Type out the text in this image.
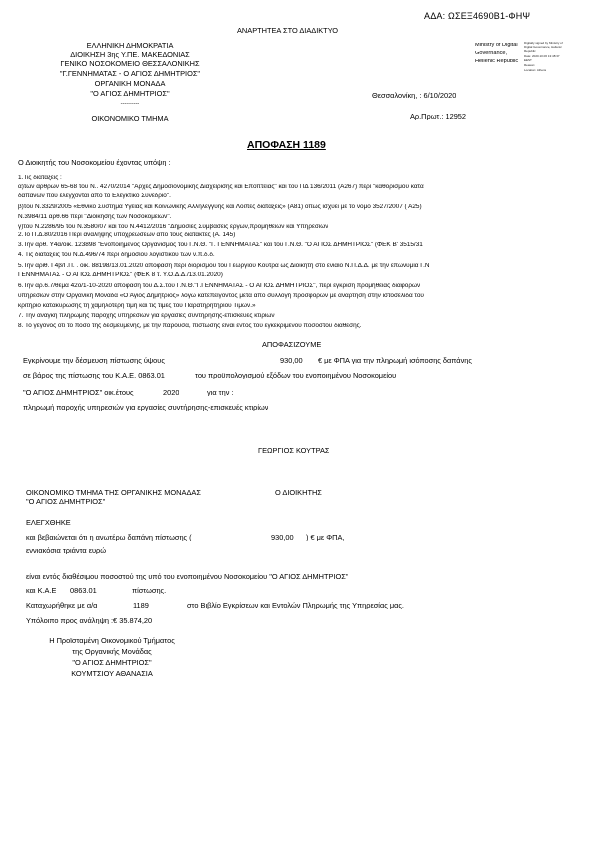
ΑΔΑ: ΩΣΕΞ4690Β1-ΦΗΨ
ΑΝΑΡΤΗΤΕΑ ΣΤΟ ΔΙΑΔΙΚΤΥΟ
ΕΛΛΗΝΙΚΗ ΔΗΜΟΚΡΑΤΙΑ
ΔΙΟΙΚΗΣΗ 3ης Υ.ΠΕ. ΜΑΚΕΔΟΝΙΑΣ
ΓΕΝΙΚΟ ΝΟΣΟΚΟΜΕΙΟ ΘΕΣΣΑΛΟΝΙΚΗΣ
"Γ.ΓΕΝΝΗΜΑΤΑΣ - Ο ΑΓΙΟΣ ΔΗΜΗΤΡΙΟΣ"
ΟΡΓΑΝΙΚΗ ΜΟΝΑΔΑ
"Ο ΑΓΙΟΣ ΔΗΜΗΤΡΙΟΣ"
----------
ΟΙΚΟΝΟΜΙΚΟ ΤΜΗΜΑ
Ministry of Digital
Governance,
Hellenic Republic
Digitally signed by Ministry of
Digital Governance, Hellenic
Republic
Date: 2020.10.06 13:48:37
EEST
Reason:
Location: Athens
Θεσσαλονίκη, : 6/10/2020
Αρ.Πρωτ.: 12952
ΑΠΟΦΑΣΗ 1189
Ο Διοικητής του Νοσοκομείου έχοντας υπόψη :
1.Τις διατάξεις :
α)των άρθρων 65-68 του Ν.. 4270/2014 "Αρχές Δημοσιονομικής Διαχείρισης και Εποπτείας" και του ΠΔ 136/2011 (Α267) περί "καθορισμού κατά
δαπανών που ελέγχονται από το Ελεγκτικό Συνέδριο".
β)του Ν.3329/2005 «Εθνικό Σύστημα Υγείας και Κοινωνικής Αλληλεγγύης και Λοιπές διατάξεις» (Α81) όπως ισχύει με το νόμο 3527/2007 ( Α25)
Ν.3984/11 αρθ.66 περί "Διοίκησης των Νοσοκομείων".
γ)του Ν.2286/95 του Ν.3580/07 και του Ν.4412/2016 "Δημόσιες Συμβάσεις έργων,προμηθειών και Υπηρεσιών
2.Το Π.Δ.80/2016 Περί ανάληψης υποχρεώσεων από τους διατάκτες (Α. 145)
3.Την αρθ. Υ4α/οικ. 123898 "Ενοποιημένος Οργανισμός του Γ.Ν.Θ. "Γ. ΓΕΝΝΗΜΑΤΑΣ" και του Γ.Ν.Θ. "Ο ΑΓΙΟΣ ΔΗΜΗΤΡΙΟΣ" (ΦΕΚ Β' 3515/31
4. Τις διατάξεις του Ν.Δ.496/74 περί δημοσίου λογιστικού των ν.π.δ.δ.
5.Την αριθ. Γ4β/Γ.Π. . οικ. 88198/13.01.2020 απόφαση περί διορισμού του Γεώργιου Κούτρα ως Διοικητή στο ενιαίο Ν.Π.Δ.Δ. με την επωνυμία Γ.Ν
ΓΕΝΝΗΜΑΤΑΣ - Ο ΑΓΙΟΣ ΔΗΜΗΤΡΙΟΣ" (ΦΕΚ 8 τ. Υ.Ο.Δ.Δ./13.01.2020)
6.Την αρ.6.7/θέμα 42ο/1-10-2020 απόφαση του Δ.Σ.του Γ.Ν.Θ."Γ.ΓΕΝΝΗΜΑΤΑΣ - Ο ΑΓΙΟΣ ΔΗΜΗΤΡΙΟΣ", περί έγκριση προμήθειας διαφόρων
υπηρεσιών στην Οργανική Μονάδα «Ο Άγιος Δημήτριος» λόγω κατεπείγοντος μετά από συλλογή προσφορών με ανάρτηση στην ιστοσελίδα του
κριτήριο κατακύρωσης τη χαμηλότερη τιμή και τις τιμές του Παρατηρητηρίου Τιμών.»
7. Την ανάγκη πληρωμής παροχής υπηρεσιών για εργασίες συντήρησης-επισκευές κτιρίων
8. Το γεγονός ότι το ποσό της δεσμευμένης, με την παρούσα, πίστωσης είναι εντός του εγκεκριμένου ποσοστού διάθεσης.
ΑΠΟΦΑΣΙΖΟΥΜΕ
Εγκρίνουμε την δέσμευση πίστωσης ύψους	930,00 € με ΦΠΑ για την πληρωμή ισόποσης δαπάνης
σε βάρος της πίστωσης του Κ.Α.Ε. 0863.01	του προϋπολογισμού εξόδων του ενοποιημένου Νοσοκομείου
"Ο ΑΓΙΟΣ ΔΗΜΗΤΡΙΟΣ" οικ.έτους	2020	για την :
πληρωμή παροχής υπηρεσιών για εργασίες συντήρησης-επισκευές κτιρίων
ΓΕΩΡΓΙΟΣ ΚΟΥΤΡΑΣ
ΟΙΚΟΝΟΜΙΚΟ ΤΜΗΜΑ ΤΗΣ ΟΡΓΑΝΙΚΗΣ ΜΟΝΑΔΑΣ
"Ο ΑΓΙΟΣ ΔΗΜΗΤΡΙΟΣ"
Ο ΔΙΟΙΚΗΤΗΣ
ΕΛΕΓΧΘΗΚΕ
και βεβαιώνεται ότι η ανωτέρω δαπάνη πίστωσης (	930,00 ) € με ΦΠΑ,
εννιακόσια τριάντα ευρώ
είναι εντός διαθέσιμου ποσοστού της υπό του ενοποιημένου Νοσοκομείου "Ο ΑΓΙΟΣ ΔΗΜΗΤΡΙΟΣ"
και Κ.Α.Ε 0863.01	πίστωσης.
Καταχωρήθηκε με α/α	1189	στο Βιβλίο Εγκρίσεων και Εντολών Πληρωμής της Υπηρεσίας μας.
Υπόλοιπο προς ανάληψη :€ 35.874,20
Η Προϊσταμένη Οικονομικού Τμήματος
της Οργανικής Μονάδας
"Ο ΑΓΙΟΣ ΔΗΜΗΤΡΙΟΣ"
ΚΟΥΜΤΣΙΟΥ ΑΘΑΝΑΣΙΑ
